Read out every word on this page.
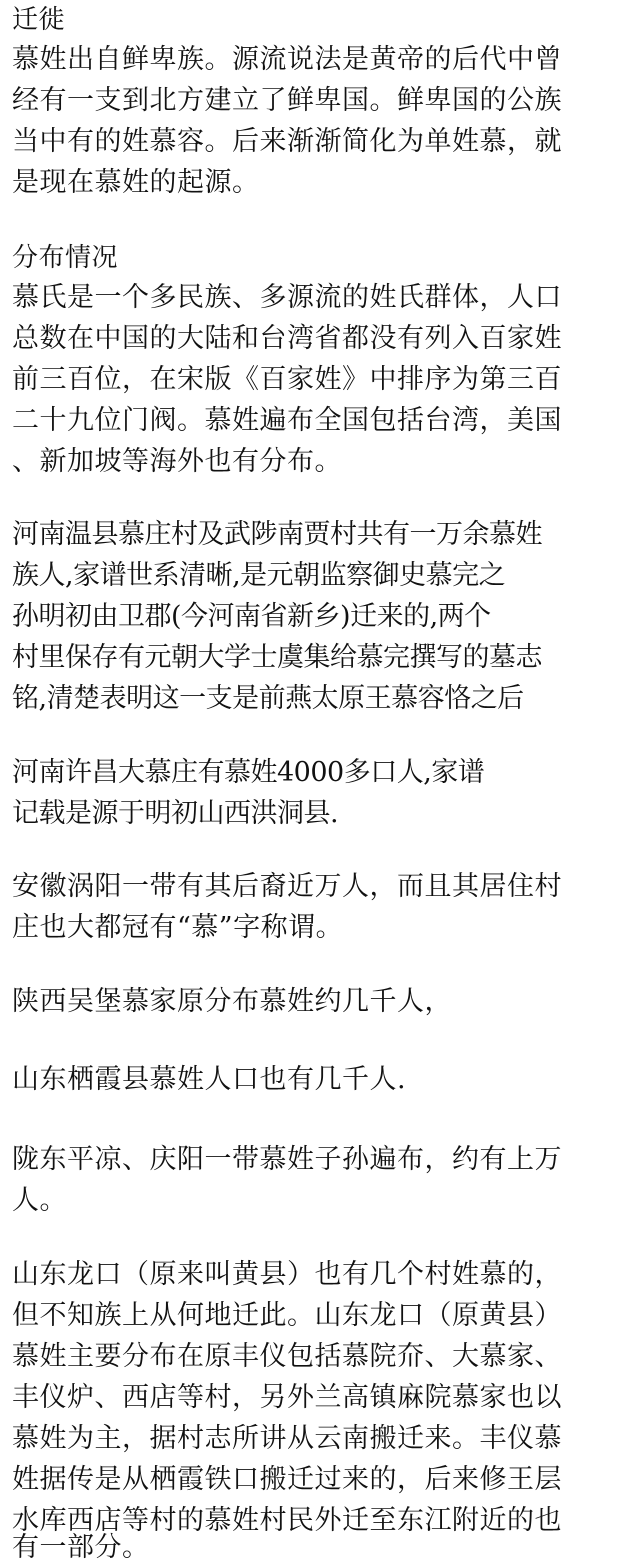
迁徙
慕姓出自鲜卑族。源流说法是黄帝的后代中曾
经有一支到北方建立了鲜卑国。鲜卑国的公族
当中有的姓慕容。后来渐渐简化为单姓慕，就
是现在慕姓的起源。
分布情况
慕氏是一个多民族、多源流的姓氏群体，人口
总数在中国的大陆和台湾省都没有列入百家姓
前三百位，在宋版《百家姓》中排序为第三百
二十九位门阀。慕姓遍布全国包括台湾，美国
、新加坡等海外也有分布。
河南温县慕庄村及武陟南贾村共有一万余慕姓
族人,家谱世系清晰,是元朝监察御史慕完之
孙明初由卫郡(今河南省新乡)迁来的,两个
村里保存有元朝大学士虞集给慕完撰写的墓志
铭,清楚表明这一支是前燕太原王慕容恪之后
河南许昌大慕庄有慕姓4000多口人,家谱
记载是源于明初山西洪洞县.
安徽涡阳一带有其后裔近万人，而且其居住村
庄也大都冠有“慕”字称谓。
陕西吴堡慕家原分布慕姓约几千人，
山东栖霞县慕姓人口也有几千人.
陇东平凉、庆阳一带慕姓子孙遍布，约有上万
人。
山东龙口（原来叫黄县）也有几个村姓慕的，
但不知族上从何地迁此。山东龙口（原黄县）
慕姓主要分布在原丰仪包括慕院夼、大慕家、
丰仪炉、西店等村，另外兰高镇麻院慕家也以
慕姓为主，据村志所讲从云南搬迁来。丰仪慕
姓据传是从栖霞铁口搬迁过来的，后来修王层
水库西店等村的慕姓村民外迁至东江附近的也
有一部分。
